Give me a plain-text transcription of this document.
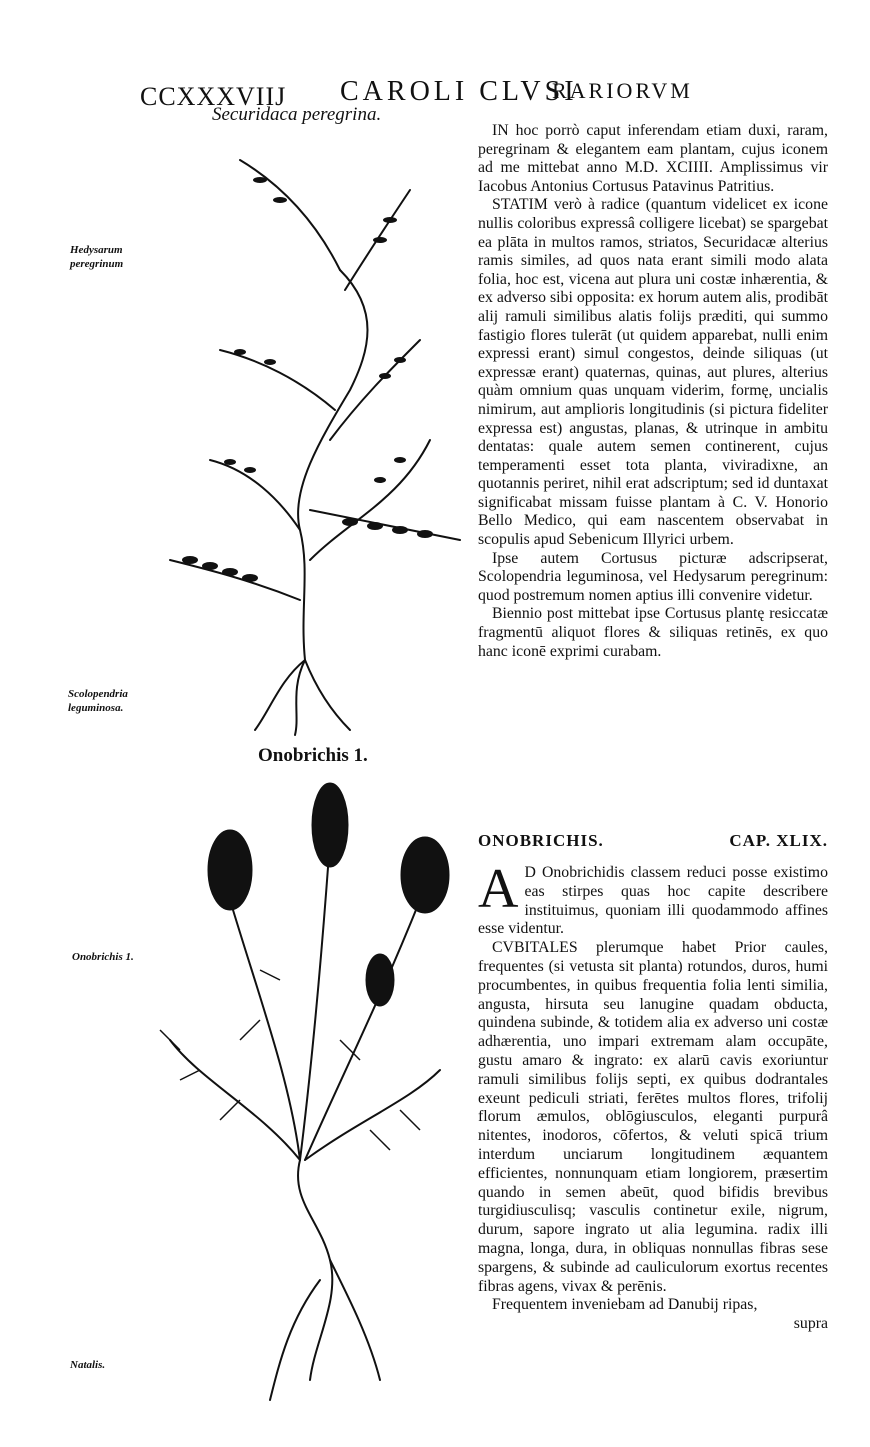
CCXXXVIIJ CAROLI CLVSI
RARIORVM
Securidaca peregrina.
Hedysarum peregrinum
Scolopendria leguminosa.
Onobrichis 1.
Natalis.
Onobrichis 1.

IN hoc porrò caput inferendam etiam duxi, raram, peregrinam & elegantem eam plantam, cujus iconem ad me mittebat anno M.D. XCIIII. Amplissimus vir Iacobus Antonius Cortusus Patavinus Patritius.

STATIM verò à radice (quantum videlicet ex icone nullis coloribus expressâ colligere licebat) se spargebat ea plāta in multos ramos, striatos, Securidacæ alterius ramis similes, ad quos nata erant simili modo alata folia, hoc est, vicena aut plura uni costæ inhærentia, & ex adverso sibi opposita: ex horum autem alis, prodibāt alij ramuli similibus alatis folijs præditi, qui summo fastigio flores tulerāt (ut quidem apparebat, nulli enim expressi erant) simul congestos, deinde siliquas (ut expressæ erant) quaternas, quinas, aut plures, alterius quàm omnium quas unquam viderim, formę, uncialis nimirum, aut amplioris longitudinis (si pictura fideliter expressa est) angustas, planas, & utrinque in ambitu dentatas: quale autem semen continerent, cujus temperamenti esset tota planta, viviradixne, an quotannis periret, nihil erat adscriptum; sed id duntaxat significabat missam fuisse plantam à C. V. Honorio Bello Medico, qui eam nascentem observabat in scopulis apud Sebenicum Illyrici urbem.

Ipse autem Cortusus picturæ adscripserat, Scolopendria leguminosa, vel Hedysarum peregrinum: quod postremum nomen aptius illi convenire videtur.

Biennio post mittebat ipse Cortusus plantę resiccatæ fragmentū aliquot flores & siliquas retinēs, ex quo hanc iconē exprimi curabam.

ONOBRICHIS.	CAP. XLIX.

A D Onobrichidis classem reduci posse existimo eas stirpes quas hoc capite describere instituimus, quoniam illi quodammodo affines esse videntur.

CVBITALES plerumque habet Prior caules, frequentes (si vetusta sit planta) rotundos, duros, humi procumbentes, in quibus frequentia folia lenti similia, angusta, hirsuta seu lanugine quadam obducta, quindena subinde, & totidem alia ex adverso uni costæ adhærentia, uno impari extremam alam occupāte, gustu amaro & ingrato: ex alarū cavis exoriuntur ramuli similibus folijs septi, ex quibus dodrantales exeunt pediculi striati, ferētes multos flores, trifolij florum æmulos, oblōgiusculos, eleganti purpurâ nitentes, inodoros, cōfertos, & veluti spicā trium interdum unciarum longitudinem æquantem efficientes, nonnunquam etiam longiorem, præsertim quando in semen abeūt, quod bifidis brevibus turgidiusculisq; vasculis continetur exile, nigrum, durum, sapore ingrato ut alia legumina. radix illi magna, longa, dura, in obliquas nonnullas fibras sese spargens, & subinde ad cauliculorum exortus recentes fibras agens, vivax & perēnis.

Frequentem inveniebam ad Danubij ripas,

supra
